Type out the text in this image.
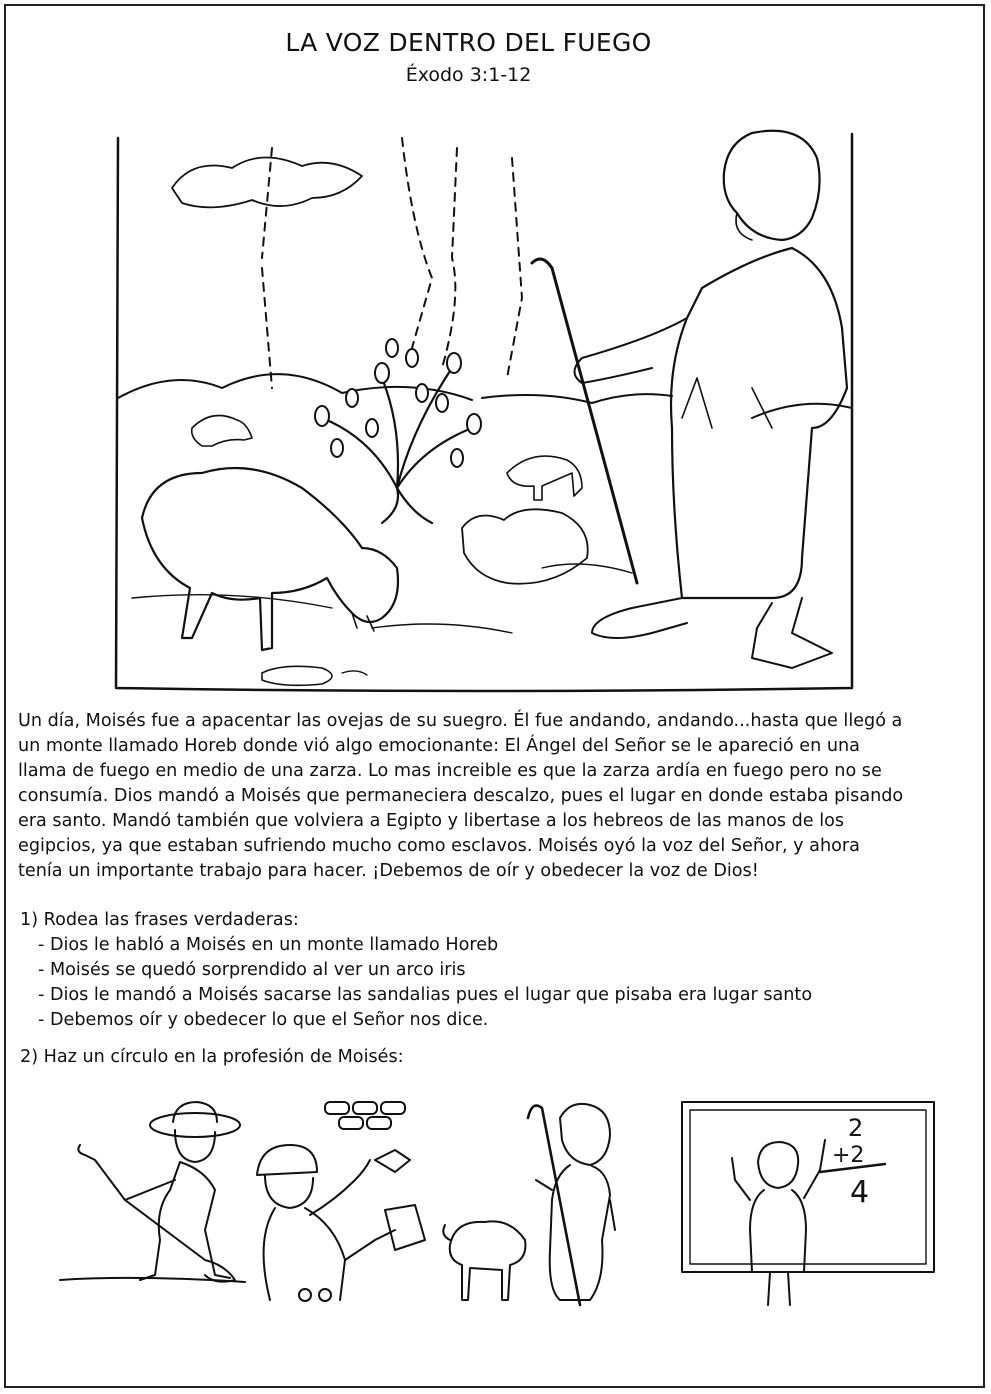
LA VOZ DENTRO DEL FUEGO
Éxodo 3:1-12

Un día, Moisés fue a apacentar las ovejas de su suegro. Él fue andando, andando...hasta que llegó a

un monte llamado Horeb donde vió algo emocionante: El Ángel del Señor se le apareció en una

llama de fuego en medio de una zarza. Lo mas increible es que la zarza ardía en fuego pero no se

consumía. Dios mandó a Moisés que permaneciera descalzo, pues el lugar en donde estaba pisando

era santo. Mandó también que volviera a Egipto y libertase a los hebreos de las manos de los

egipcios, ya que estaban sufriendo mucho como esclavos. Moisés oyó la voz del Señor, y ahora

tenía un importante trabajo para hacer. ¡Debemos de oír y obedecer la voz de Dios!

1) Rodea las frases verdaderas:

- Dios le habló a Moisés en un monte llamado Horeb
- Moisés se quedó sorprendido al ver un arco iris
- Dios le mandó a Moisés sacarse las sandalias pues el lugar que pisaba era lugar santo
- Debemos oír y obedecer lo que el Señor nos dice.

2) Haz un círculo en la profesión de Moisés:

2
+2
4
